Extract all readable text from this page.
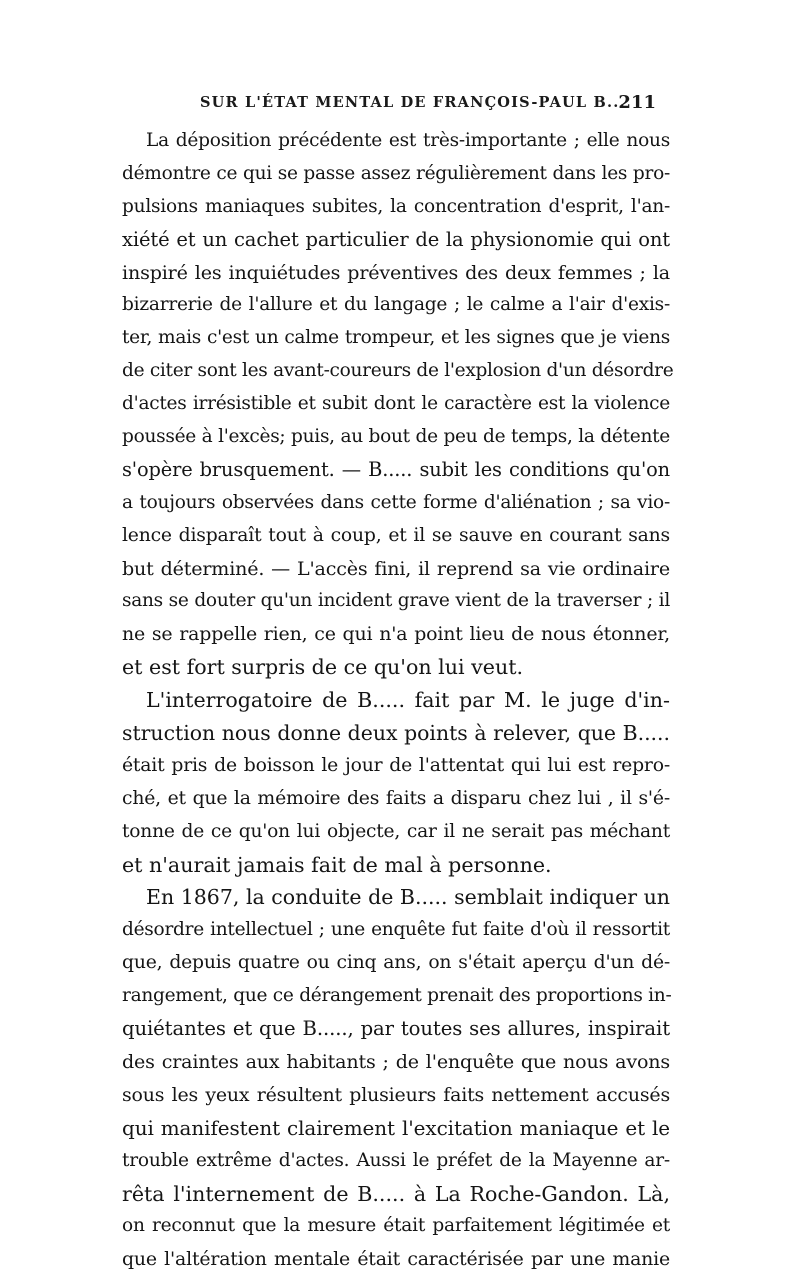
SUR L'ÉTAT MENTAL DE FRANÇOIS-PAUL B...
211
La déposition précédente est très-importante ; elle nous
démontre ce qui se passe assez régulièrement dans les pro-
pulsions maniaques subites, la concentration d'esprit, l'an-
xiété et un cachet particulier de la physionomie qui ont
inspiré les inquiétudes préventives des deux femmes ; la
bizarrerie de l'allure et du langage ; le calme a l'air d'exis-
ter, mais c'est un calme trompeur, et les signes que je viens
de citer sont les avant-coureurs de l'explosion d'un désordre
d'actes irrésistible et subit dont le caractère est la violence
poussée à l'excès; puis, au bout de peu de temps, la détente
s'opère brusquement. — B..... subit les conditions qu'on
a toujours observées dans cette forme d'aliénation ; sa vio-
lence disparaît tout à coup, et il se sauve en courant sans
but déterminé. — L'accès fini, il reprend sa vie ordinaire
sans se douter qu'un incident grave vient de la traverser ; il
ne se rappelle rien, ce qui n'a point lieu de nous étonner,
et est fort surpris de ce qu'on lui veut.
L'interrogatoire de B..... fait par M. le juge d'in-
struction nous donne deux points à relever, que B.....
était pris de boisson le jour de l'attentat qui lui est repro-
ché, et que la mémoire des faits a disparu chez lui , il s'é-
tonne de ce qu'on lui objecte, car il ne serait pas méchant
et n'aurait jamais fait de mal à personne.
En 1867, la conduite de B..... semblait indiquer un
désordre intellectuel ; une enquête fut faite d'où il ressortit
que, depuis quatre ou cinq ans, on s'était aperçu d'un dé-
rangement, que ce dérangement prenait des proportions in-
quiétantes et que B....., par toutes ses allures, inspirait
des craintes aux habitants ; de l'enquête que nous avons
sous les yeux résultent plusieurs faits nettement accusés
qui manifestent clairement l'excitation maniaque et le
trouble extrême d'actes. Aussi le préfet de la Mayenne ar-
rêta l'internement de B..... à La Roche-Gandon. Là,
on reconnut que la mesure était parfaitement légitimée et
que l'altération mentale était caractérisée par une manie
